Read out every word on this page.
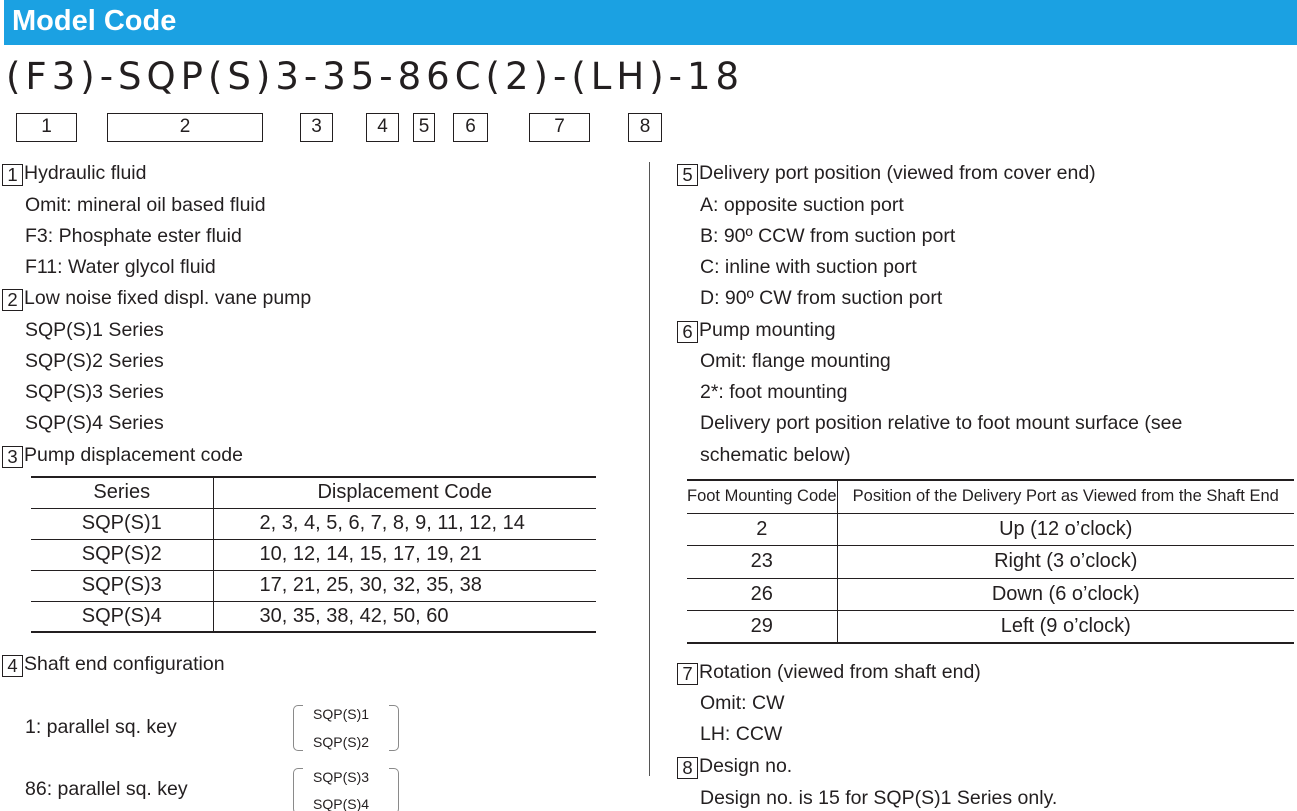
Model Code
(F3)-SQP(S)3-35-86C(2)-(LH)-18
1	2	3	4	5	6	7	8
1 Hydraulic fluid
Omit: mineral oil based fluid
F3: Phosphate ester fluid
F11: Water glycol fluid
2 Low noise fixed displ. vane pump
SQP(S)1 Series
SQP(S)2 Series
SQP(S)3 Series
SQP(S)4 Series
3 Pump displacement code
Series	Displacement Code
SQP(S)1	2, 3, 4, 5, 6, 7, 8, 9, 11, 12, 14
SQP(S)2	10, 12, 14, 15, 17, 19, 21
SQP(S)3	17, 21, 25, 30, 32, 35, 38
SQP(S)4	30, 35, 38, 42, 50, 60
4 Shaft end configuration
1: parallel sq. key
86: parallel sq. key
SQP(S)1
SQP(S)2
SQP(S)3
SQP(S)4
5 Delivery port position (viewed from cover end)
A: opposite suction port
B: 90º CCW from suction port
C: inline with suction port
D: 90º CW from suction port
6 Pump mounting
Omit: flange mounting
2*: foot mounting
Delivery port position relative to foot mount surface (see
schematic below)
Foot Mounting Code	Position of the Delivery Port as Viewed from the Shaft End
2	Up (12 o’clock)
23	Right (3 o’clock)
26	Down (6 o’clock)
29	Left (9 o’clock)
7 Rotation (viewed from shaft end)
Omit: CW
LH: CCW
8 Design no.
Design no. is 15 for SQP(S)1 Series only.
